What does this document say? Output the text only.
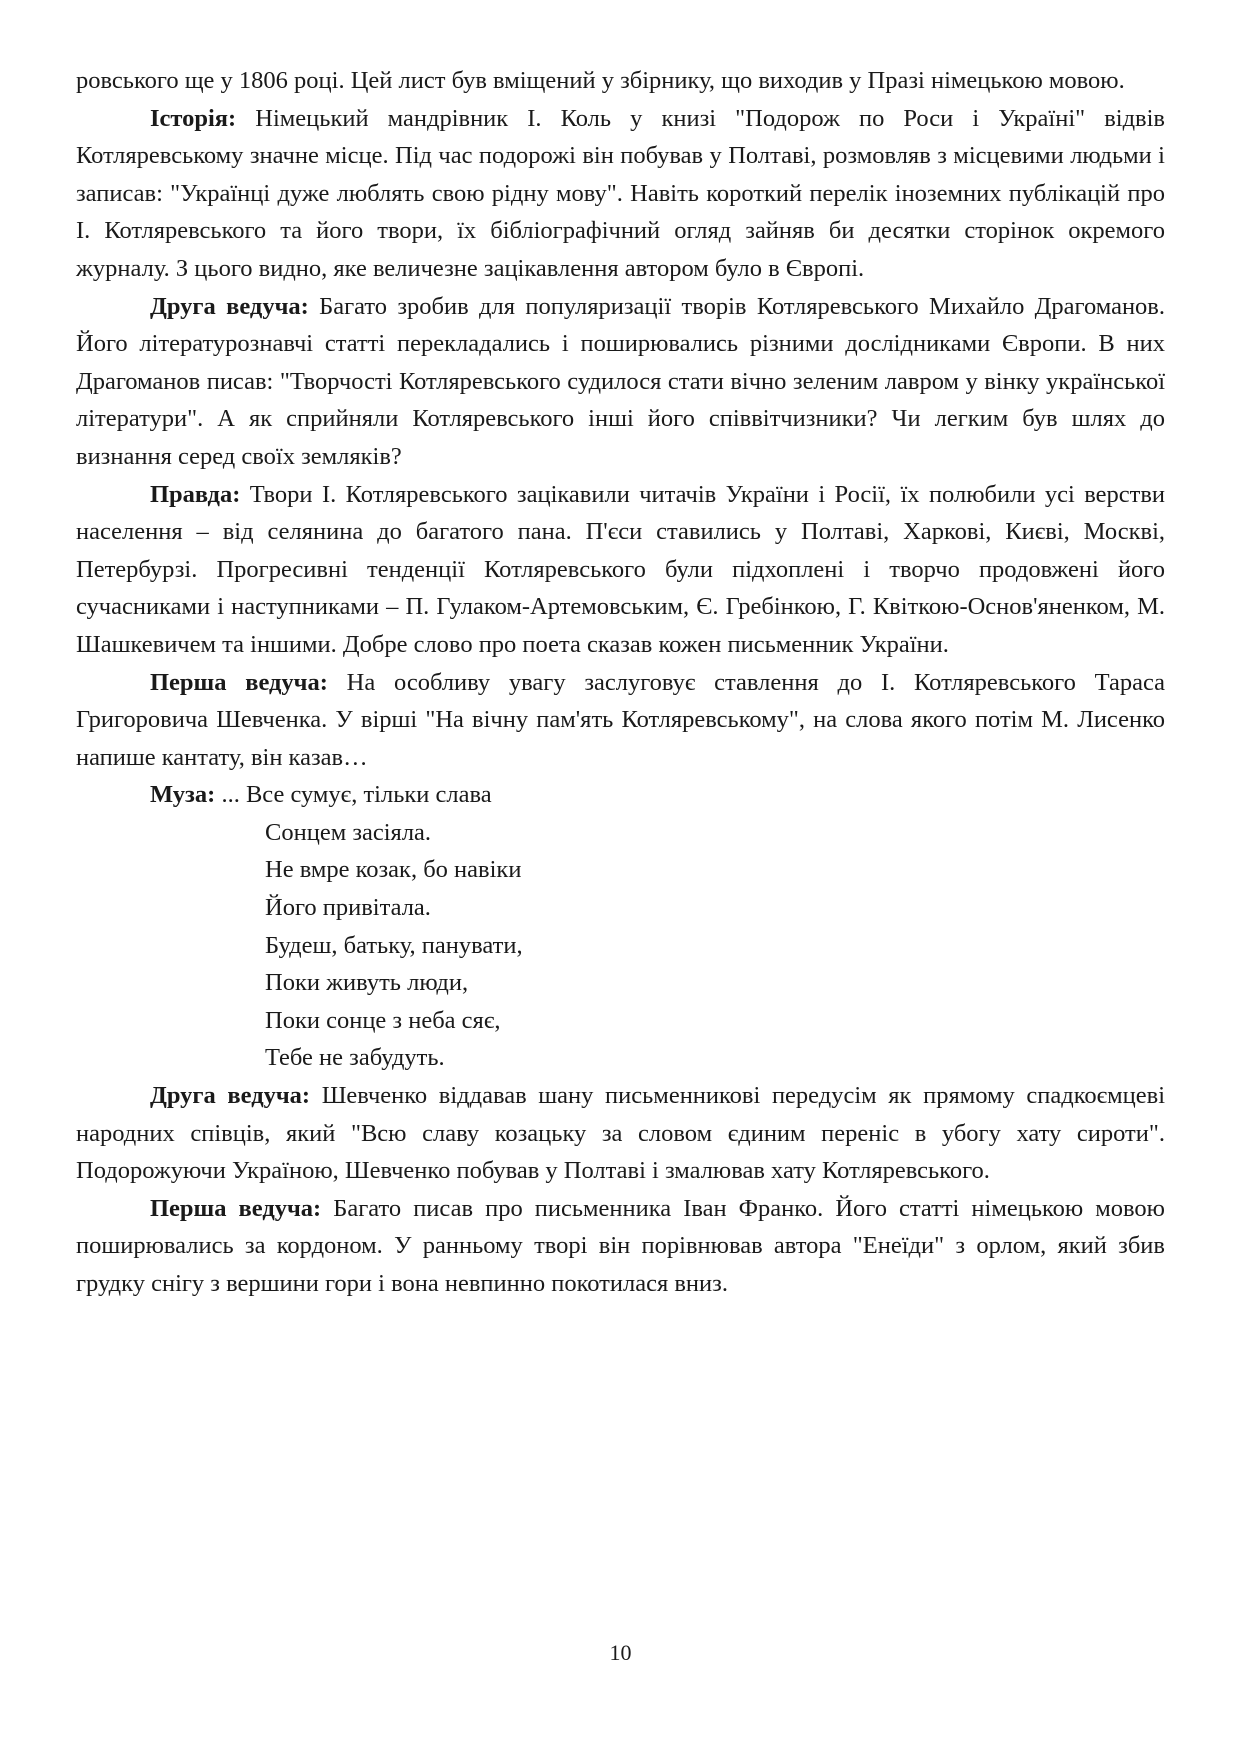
ровського ще у 1806 році. Цей лист був вміщений у збірнику, що виходив у Празі німецькою мовою.

Історія: Німецький мандрівник І. Коль у книзі "Подорож по Роси і Україні" відвів Котляревському значне місце. Під час подорожі він побував у Полтаві, розмовляв з місцевими людьми і записав: "Українці дуже люблять свою рідну мову". Навіть короткий перелік іноземних публікацій про І. Котляревського та його твори, їх бібліографічний огляд зайняв би десятки сторінок окремого журналу. З цього видно, яке величезне зацікавлення автором було в Європі.

Друга ведуча: Багато зробив для популяризації творів Котляревського Михайло Драгоманов. Його літературознавчі статті перекладались і поширювались різними дослідниками Європи. В них Драгоманов писав: "Творчості Котляревського судилося стати вічно зеленим лавром у вінку української літератури". А як сприйняли Котляревського інші його співвітчизники? Чи легким був шлях до визнання серед своїх земляків?

Правда: Твори І. Котляревського зацікавили читачів України і Росії, їх полюбили усі верстви населення – від селянина до багатого пана. П'єси ставились у Полтаві, Харкові, Києві, Москві, Петербурзі. Прогресивні тенденції Котляревського були підхоплені і творчо продовжені його сучасниками і наступниками – П. Гулаком-Артемовським, Є. Гребінкою, Г. Квіткою-Основ'яненком, М. Шашкевичем та іншими. Добре слово про поета сказав кожен письменник України.

Перша ведуча: На особливу увагу заслуговує ставлення до І. Котляревського Тараса Григоровича Шевченка. У вірші "На вічну пам'ять Котляревському", на слова якого потім М. Лисенко напише кантату, він казав…

Муза: ... Все сумує, тільки слава
Сонцем засіяла.
Не вмре козак, бо навіки
Його привітала.
Будеш, батьку, панувати,
Поки живуть люди,
Поки сонце з неба сяє,
Тебе не забудуть.

Друга ведуча: Шевченко віддавав шану письменникові передусім як прямому спадкоємцеві народних співців, який "Всю славу козацьку за словом єдиним переніс в убогу хату сироти". Подорожуючи Україною, Шевченко побував у Полтаві і змалював хату Котляревського.

Перша ведуча: Багато писав про письменника Іван Франко. Його статті німецькою мовою поширювались за кордоном. У ранньому творі він порівнював автора "Енеїди" з орлом, який збив грудку снігу з вершини гори і вона невпинно покотилася вниз.

10
